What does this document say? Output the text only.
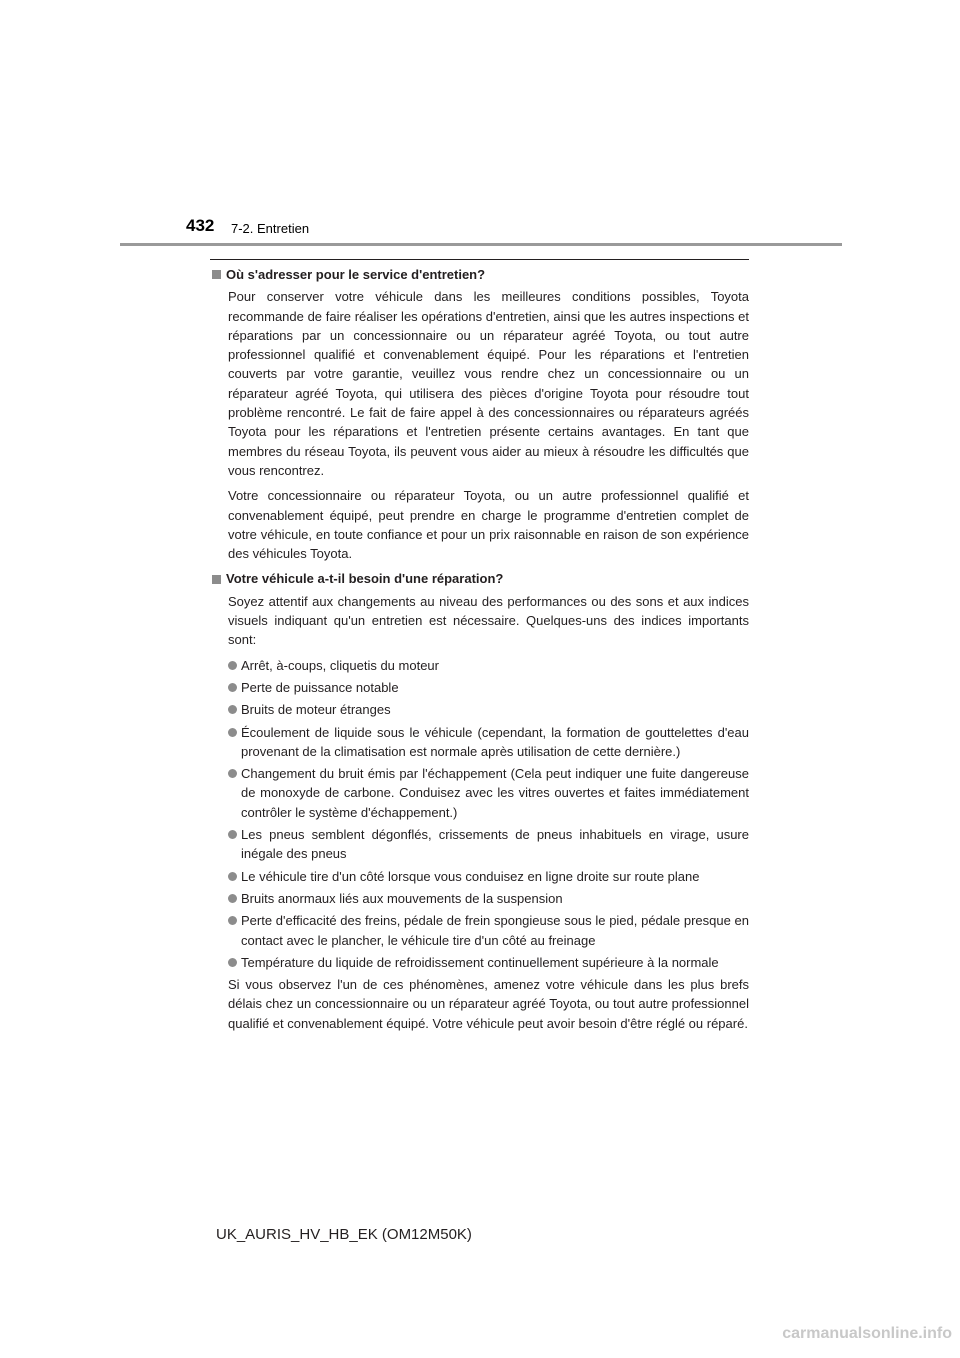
432 7-2. Entretien
Où s'adresser pour le service d'entretien?

Pour conserver votre véhicule dans les meilleures conditions possibles, Toyota recommande de faire réaliser les opérations d'entretien, ainsi que les autres inspections et réparations par un concessionnaire ou un réparateur agréé Toyota, ou tout autre professionnel qualifié et convenablement équipé. Pour les réparations et l'entretien couverts par votre garantie, veuillez vous rendre chez un concessionnaire ou un réparateur agréé Toyota, qui utilisera des pièces d'origine Toyota pour résoudre tout problème rencontré. Le fait de faire appel à des concessionnaires ou réparateurs agréés Toyota pour les réparations et l'entretien présente certains avantages. En tant que membres du réseau Toyota, ils peuvent vous aider au mieux à résoudre les difficultés que vous rencontrez.

Votre concessionnaire ou réparateur Toyota, ou un autre professionnel qualifié et convenablement équipé, peut prendre en charge le programme d'entretien complet de votre véhicule, en toute confiance et pour un prix raisonnable en raison de son expérience des véhicules Toyota.

Votre véhicule a-t-il besoin d'une réparation?

Soyez attentif aux changements au niveau des performances ou des sons et aux indices visuels indiquant qu'un entretien est nécessaire. Quelques-uns des indices importants sont:

Arrêt, à-coups, cliquetis du moteur
Perte de puissance notable
Bruits de moteur étranges
Écoulement de liquide sous le véhicule (cependant, la formation de gouttelettes d'eau provenant de la climatisation est normale après utilisation de cette dernière.)
Changement du bruit émis par l'échappement (Cela peut indiquer une fuite dangereuse de monoxyde de carbone. Conduisez avec les vitres ouvertes et faites immédiatement contrôler le système d'échappement.)
Les pneus semblent dégonflés, crissements de pneus inhabituels en virage, usure inégale des pneus
Le véhicule tire d'un côté lorsque vous conduisez en ligne droite sur route plane
Bruits anormaux liés aux mouvements de la suspension
Perte d'efficacité des freins, pédale de frein spongieuse sous le pied, pédale presque en contact avec le plancher, le véhicule tire d'un côté au freinage
Température du liquide de refroidissement continuellement supérieure à la normale

Si vous observez l'un de ces phénomènes, amenez votre véhicule dans les plus brefs délais chez un concessionnaire ou un réparateur agréé Toyota, ou tout autre professionnel qualifié et convenablement équipé. Votre véhicule peut avoir besoin d'être réglé ou réparé.

UK_AURIS_HV_HB_EK (OM12M50K)
carmanualsonline.info
